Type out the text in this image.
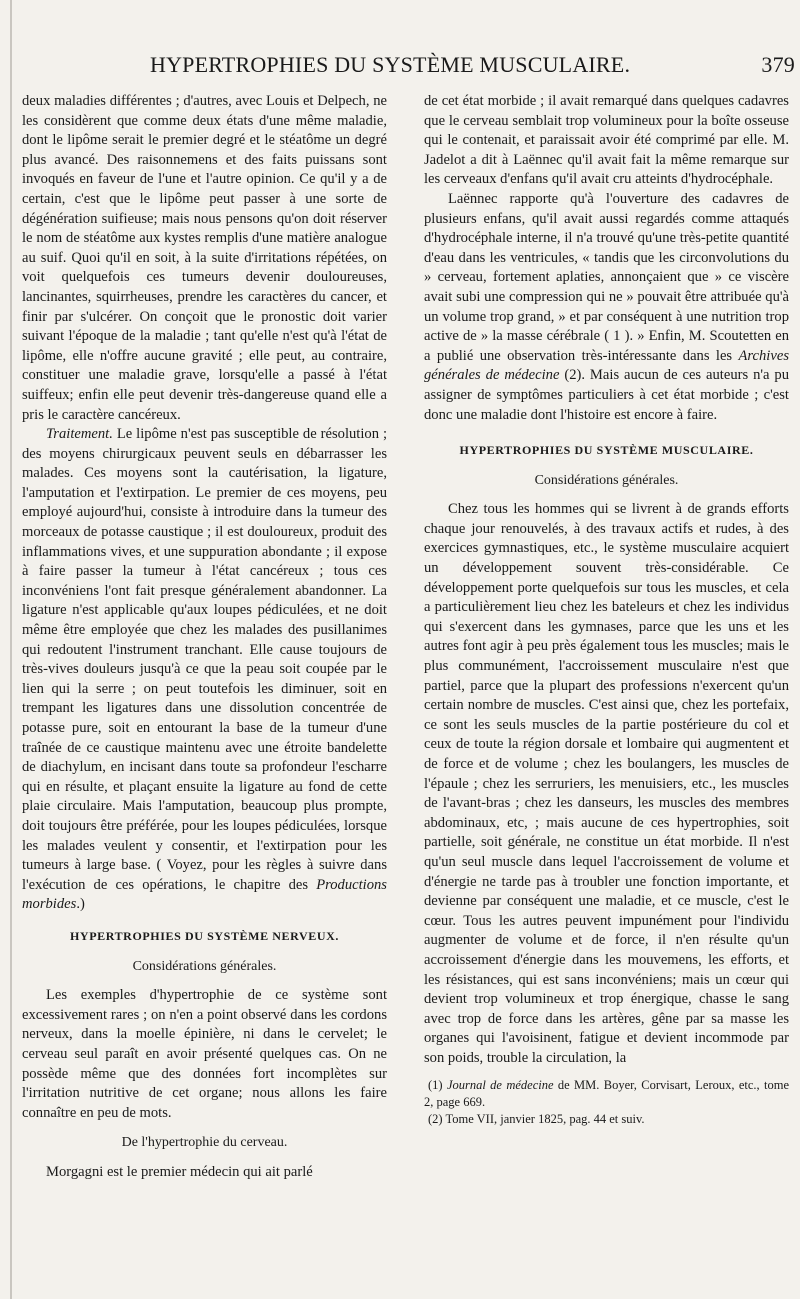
HYPERTROPHIES DU SYSTÈME MUSCULAIRE.	379

deux maladies différentes ; d'autres, avec Louis et Delpech, ne les considèrent que comme deux états d'une même maladie, dont le lipôme serait le premier degré et le stéatôme un degré plus avancé. Des raisonnemens et des faits puissans sont invoqués en faveur de l'une et l'autre opinion. Ce qu'il y a de certain, c'est que le lipôme peut passer à une sorte de dégénération suifieuse; mais nous pensons qu'on doit réserver le nom de stéatôme aux kystes remplis d'une matière analogue au suif. Quoi qu'il en soit, à la suite d'irritations répétées, on voit quelquefois ces tumeurs devenir douloureuses, lancinantes, squirrheuses, prendre les caractères du cancer, et finir par s'ulcérer. On conçoit que le pronostic doit varier suivant l'époque de la maladie ; tant qu'elle n'est qu'à l'état de lipôme, elle n'offre aucune gravité ; elle peut, au contraire, constituer une maladie grave, lorsqu'elle a passé à l'état suiffeux; enfin elle peut devenir très-dangereuse quand elle a pris le caractère cancéreux.

Traitement. Le lipôme n'est pas susceptible de résolution ; des moyens chirurgicaux peuvent seuls en débarrasser les malades. Ces moyens sont la cautérisation, la ligature, l'amputation et l'extirpation. Le premier de ces moyens, peu employé aujourd'hui, consiste à introduire dans la tumeur des morceaux de potasse caustique ; il est douloureux, produit des inflammations vives, et une suppuration abondante ; il expose à faire passer la tumeur à l'état cancéreux ; tous ces inconvéniens l'ont fait presque généralement abandonner. La ligature n'est applicable qu'aux loupes pédiculées, et ne doit même être employée que chez les malades des pusillanimes qui redoutent l'instrument tranchant. Elle cause toujours de très-vives douleurs jusqu'à ce que la peau soit coupée par le lien qui la serre ; on peut toutefois les diminuer, soit en trempant les ligatures dans une dissolution concentrée de potasse pure, soit en entourant la base de la tumeur d'une traînée de ce caustique maintenu avec une étroite bandelette de diachylum, en incisant dans toute sa profondeur l'escharre qui en résulte, et plaçant ensuite la ligature au fond de cette plaie circulaire. Mais l'amputation, beaucoup plus prompte, doit toujours être préférée, pour les loupes pédiculées, lorsque les malades veulent y consentir, et l'extirpation pour les tumeurs à large base. ( Voyez, pour les règles à suivre dans l'exécution de ces opérations, le chapitre des Productions morbides.)

HYPERTROPHIES DU SYSTÈME NERVEUX.
Considérations générales.

Les exemples d'hypertrophie de ce système sont excessivement rares ; on n'en a point observé dans les cordons nerveux, dans la moelle épinière, ni dans le cervelet; le cerveau seul paraît en avoir présenté quelques cas. On ne possède même que des données fort incomplètes sur l'irritation nutritive de cet organe; nous allons les faire connaître en peu de mots.

De l'hypertrophie du cerveau.

Morgagni est le premier médecin qui ait parlé

de cet état morbide ; il avait remarqué dans quelques cadavres que le cerveau semblait trop volumineux pour la boîte osseuse qui le contenait, et paraissait avoir été comprimé par elle. M. Jadelot a dit à Laënnec qu'il avait fait la même remarque sur les cerveaux d'enfans qu'il avait cru atteints d'hydrocéphale.

Laënnec rapporte qu'à l'ouverture des cadavres de plusieurs enfans, qu'il avait aussi regardés comme attaqués d'hydrocéphale interne, il n'a trouvé qu'une très-petite quantité d'eau dans les ventricules, « tandis que les circonvolutions du » cerveau, fortement aplaties, annonçaient que » ce viscère avait subi une compression qui ne » pouvait être attribuée qu'à un volume trop grand, » et par conséquent à une nutrition trop active de » la masse cérébrale ( 1 ). » Enfin, M. Scoutetten en a publié une observation très-intéressante dans les Archives générales de médecine (2). Mais aucun de ces auteurs n'a pu assigner de symptômes particuliers à cet état morbide ; c'est donc une maladie dont l'histoire est encore à faire.

HYPERTROPHIES DU SYSTÈME MUSCULAIRE.
Considérations générales.

Chez tous les hommes qui se livrent à de grands efforts chaque jour renouvelés, à des travaux actifs et rudes, à des exercices gymnastiques, etc., le système musculaire acquiert un développement souvent très-considérable. Ce développement porte quelquefois sur tous les muscles, et cela a particulièrement lieu chez les bateleurs et chez les individus qui s'exercent dans les gymnases, parce que les uns et les autres font agir à peu près également tous les muscles; mais le plus communément, l'accroissement musculaire n'est que partiel, parce que la plupart des professions n'exercent qu'un certain nombre de muscles. C'est ainsi que, chez les portefaix, ce sont les seuls muscles de la partie postérieure du col et ceux de toute la région dorsale et lombaire qui augmentent et de force et de volume ; chez les boulangers, les muscles de l'épaule ; chez les serruriers, les menuisiers, etc., les muscles de l'avant-bras ; chez les danseurs, les muscles des membres abdominaux, etc, ; mais aucune de ces hypertrophies, soit partielle, soit générale, ne constitue un état morbide. Il n'est qu'un seul muscle dans lequel l'accroissement de volume et d'énergie ne tarde pas à troubler une fonction importante, et devienne par conséquent une maladie, et ce muscle, c'est le cœur. Tous les autres peuvent impunément pour l'individu augmenter de volume et de force, il n'en résulte qu'un accroissement d'énergie dans les mouvemens, les efforts, et les résistances, qui est sans inconvéniens; mais un cœur qui devient trop volumineux et trop énergique, chasse le sang avec trop de force dans les artères, gêne par sa masse les organes qui l'avoisinent, fatigue et devient incommode par son poids, trouble la circulation, la

(1) Journal de médecine de MM. Boyer, Corvisart, Leroux, etc., tome 2, page 669.

(2) Tome VII, janvier 1825, pag. 44 et suiv.
